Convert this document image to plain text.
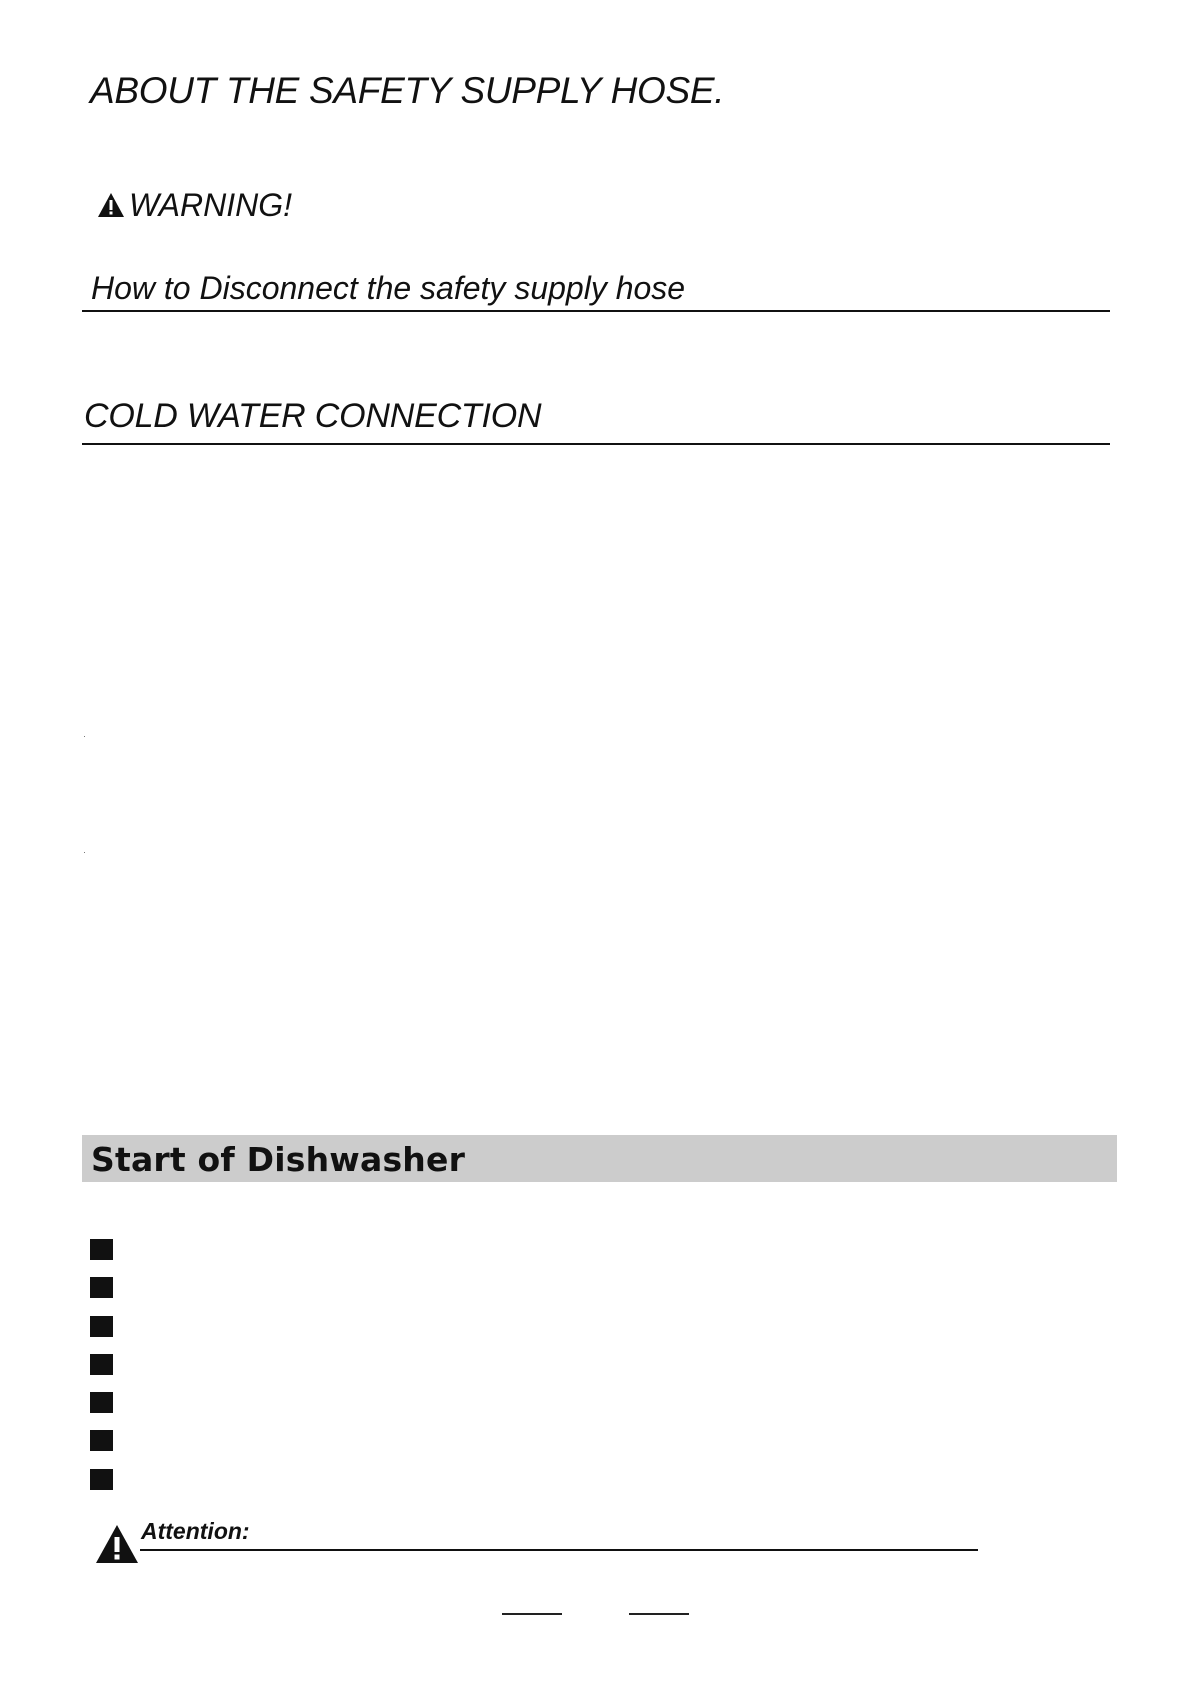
ABOUT THE SAFETY SUPPLY HOSE.
WARNING!
How to Disconnect the safety supply hose
COLD WATER CONNECTION
Start of Dishwasher
Attention:
